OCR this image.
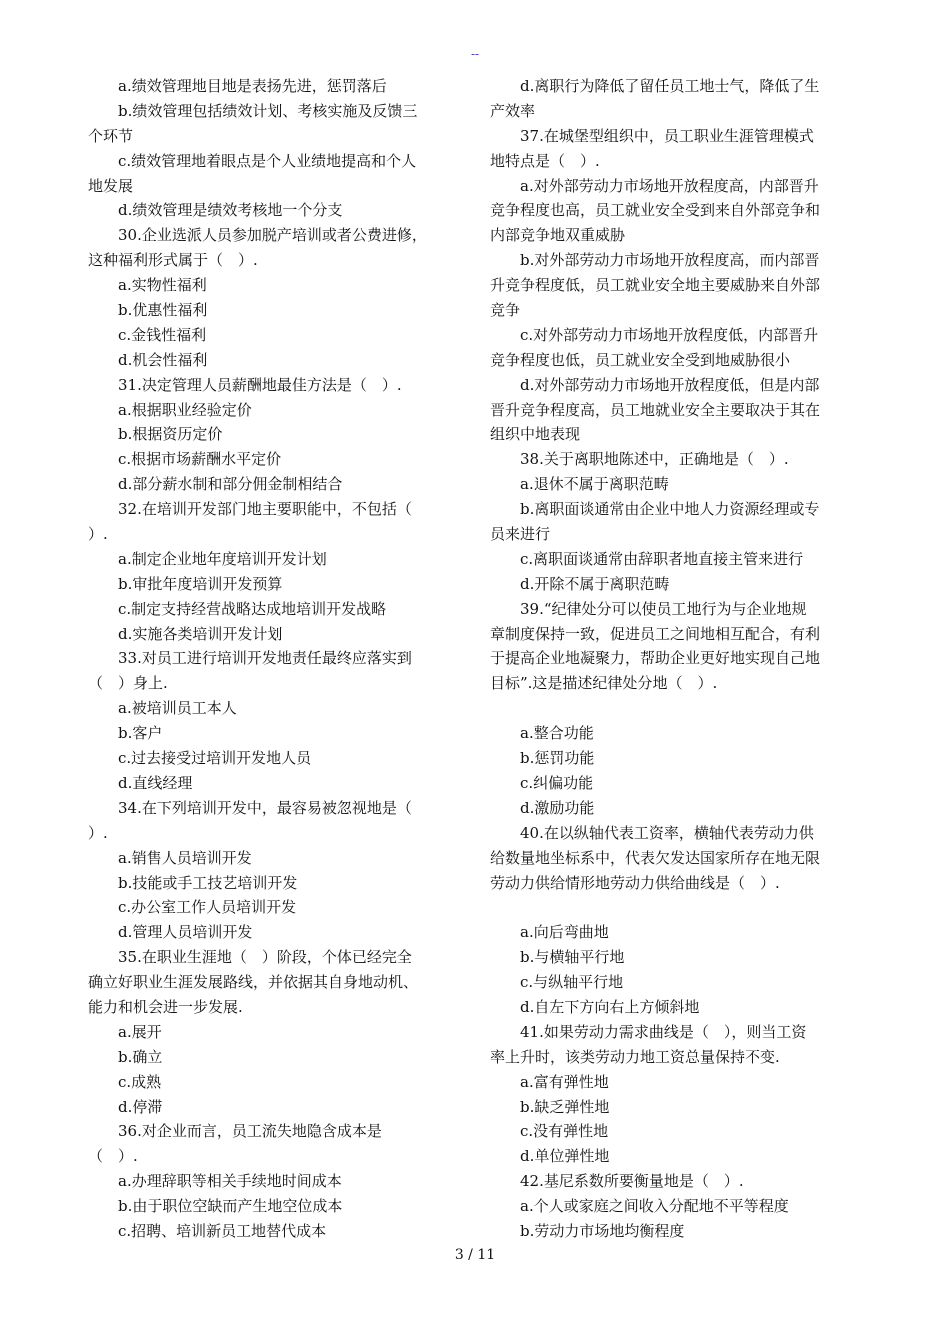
--
　　a.绩效管理地目地是表扬先进，惩罚落后
　　b.绩效管理包括绩效计划、考核实施及反馈三
个环节
　　c.绩效管理地着眼点是个人业绩地提高和个人
地发展
　　d.绩效管理是绩效考核地一个分支
　　30.企业选派人员参加脱产培训或者公费进修，
这种福利形式属于（　）.
　　a.实物性福利
　　b.优惠性福利
　　c.金钱性福利
　　d.机会性福利
　　31.决定管理人员薪酬地最佳方法是（　）.
　　a.根据职业经验定价
　　b.根据资历定价
　　c.根据市场薪酬水平定价
　　d.部分薪水制和部分佣金制相结合
　　32.在培训开发部门地主要职能中，不包括（
）.
　　a.制定企业地年度培训开发计划
　　b.审批年度培训开发预算
　　c.制定支持经营战略达成地培训开发战略
　　d.实施各类培训开发计划
　　33.对员工进行培训开发地责任最终应落实到
（　）身上.
　　a.被培训员工本人
　　b.客户
　　c.过去接受过培训开发地人员
　　d.直线经理
　　34.在下列培训开发中，最容易被忽视地是（
）.
　　a.销售人员培训开发
　　b.技能或手工技艺培训开发
　　c.办公室工作人员培训开发
　　d.管理人员培训开发
　　35.在职业生涯地（　）阶段，个体已经完全
确立好职业生涯发展路线，并依据其自身地动机、
能力和机会进一步发展.
　　a.展开
　　b.确立
　　c.成熟
　　d.停滞
　　36.对企业而言，员工流失地隐含成本是
（　）.
　　a.办理辞职等相关手续地时间成本
　　b.由于职位空缺而产生地空位成本
　　c.招聘、培训新员工地替代成本
　　d.离职行为降低了留任员工地士气，降低了生
产效率
　　37.在城堡型组织中，员工职业生涯管理模式
地特点是（　）.
　　a.对外部劳动力市场地开放程度高，内部晋升
竞争程度也高，员工就业安全受到来自外部竞争和
内部竞争地双重威胁
　　b.对外部劳动力市场地开放程度高，而内部晋
升竞争程度低，员工就业安全地主要威胁来自外部
竞争
　　c.对外部劳动力市场地开放程度低，内部晋升
竞争程度也低，员工就业安全受到地威胁很小
　　d.对外部劳动力市场地开放程度低，但是内部
晋升竞争程度高，员工地就业安全主要取决于其在
组织中地表现
　　38.关于离职地陈述中，正确地是（　）.
　　a.退休不属于离职范畴
　　b.离职面谈通常由企业中地人力资源经理或专
员来进行
　　c.离职面谈通常由辞职者地直接主管来进行
　　d.开除不属于离职范畴
　　39.“纪律处分可以使员工地行为与企业地规
章制度保持一致，促进员工之间地相互配合，有利
于提高企业地凝聚力，帮助企业更好地实现自己地
目标”.这是描述纪律处分地（　）.
　　a.整合功能
　　b.惩罚功能
　　c.纠偏功能
　　d.激励功能
　　40.在以纵轴代表工资率，横轴代表劳动力供
给数量地坐标系中，代表欠发达国家所存在地无限
劳动力供给情形地劳动力供给曲线是（　）.
　　a.向后弯曲地
　　b.与横轴平行地
　　c.与纵轴平行地
　　d.自左下方向右上方倾斜地
　　41.如果劳动力需求曲线是（　），则当工资
率上升时，该类劳动力地工资总量保持不变.
　　a.富有弹性地
　　b.缺乏弹性地
　　c.没有弹性地
　　d.单位弹性地
　　42.基尼系数所要衡量地是（　）.
　　a.个人或家庭之间收入分配地不平等程度
　　b.劳动力市场地均衡程度
3 / 11
